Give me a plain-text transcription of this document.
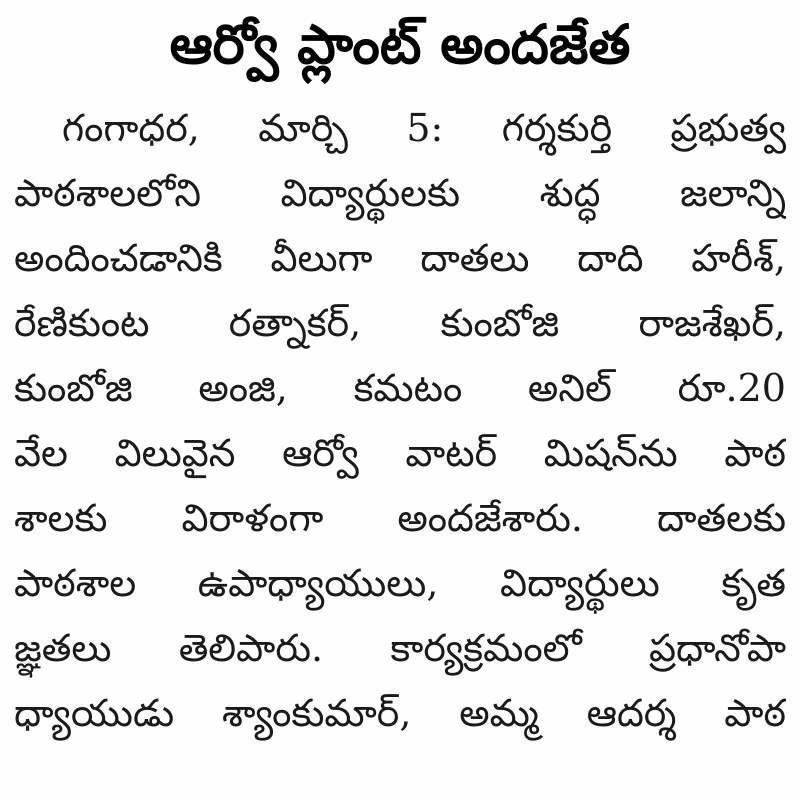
ఆర్వో ప్లాంట్ అందజేత
గంగాధర, మార్చి 5: గర్శకుర్తి ప్రభుత్వ
పాఠశాలలోని విద్యార్థులకు శుద్ధ జలాన్ని
అందించడానికి వీలుగా దాతలు దాది హరీశ్,
రేణికుంట రత్నాకర్, కుంబోజి రాజశేఖర్,
కుంబోజి అంజి, కమటం అనిల్ రూ.20
వేల విలువైన ఆర్వో వాటర్ మిషన్‌ను పాఠ
శాలకు విరాళంగా అందజేశారు. దాతలకు
పాఠశాల ఉపాధ్యాయులు, విద్యార్థులు కృత
జ్ఞతలు తెలిపారు. కార్యక్రమంలో ప్రధానోపా
ధ్యాయుడు శ్యాంకుమార్, అమ్మ ఆదర్శ పాఠ
